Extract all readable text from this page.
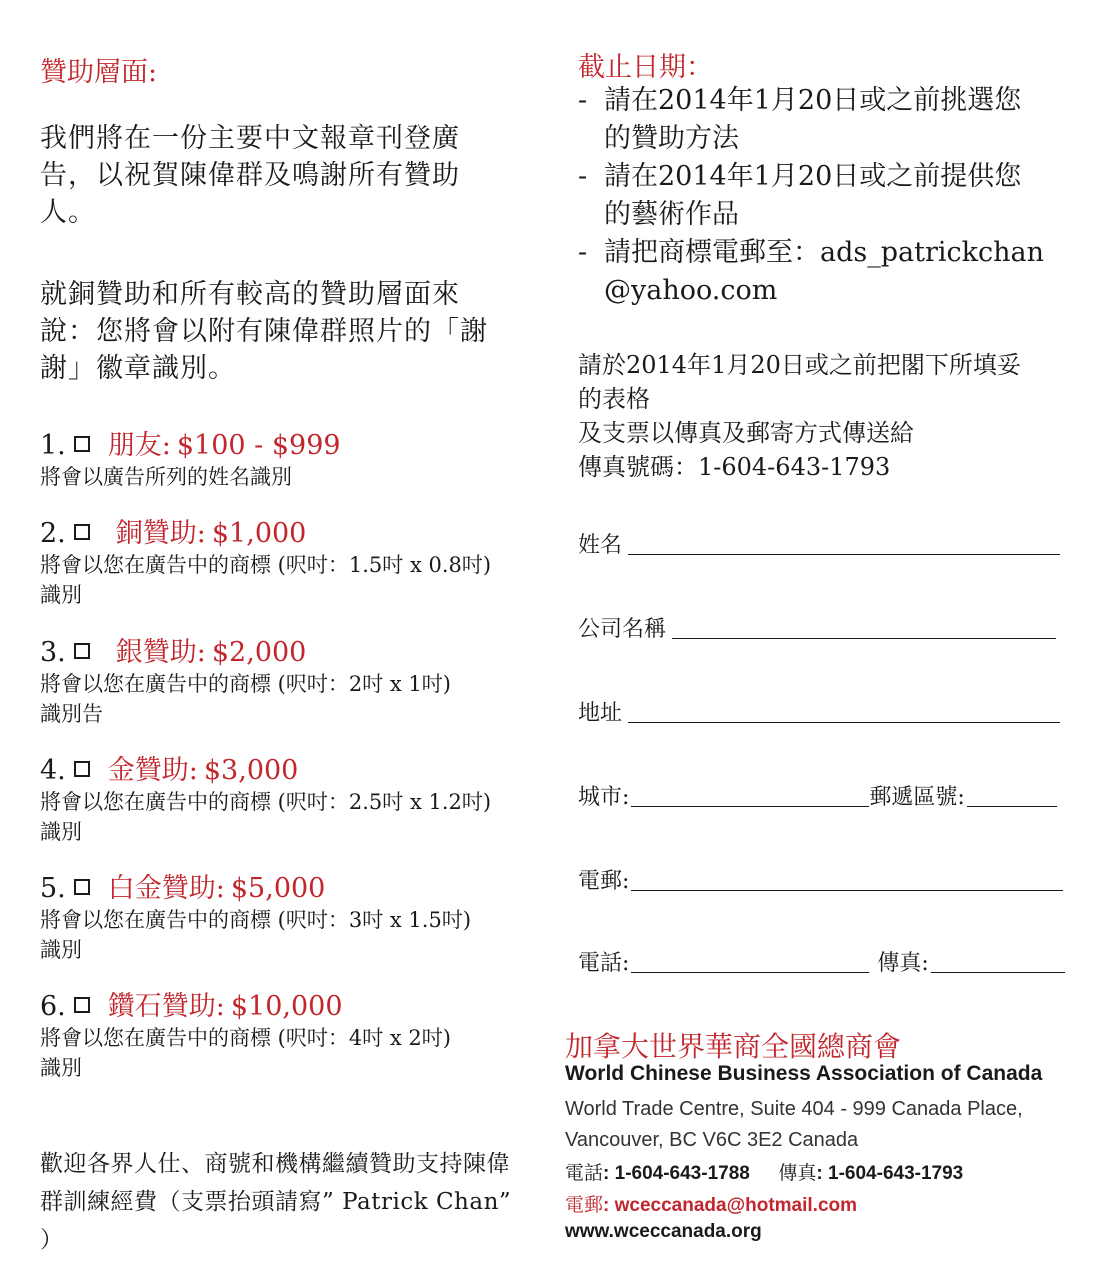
贊助層面:
我們將在一份主要中文報章刊登廣告，以祝賀陳偉群及鳴謝所有贊助人。
就銅贊助和所有較高的贊助層面來說：您將會以附有陳偉群照片的「謝謝」徽章識別。
1. 朋友: $100 - $999
將會以廣告所列的姓名識別
2. 銅贊助: $1,000
將會以您在廣告中的商標 (呎吋：1.5吋 x 0.8吋)
識別
3. 銀贊助: $2,000
將會以您在廣告中的商標 (呎吋：2吋 x 1吋)
識別告
4. 金贊助: $3,000
將會以您在廣告中的商標 (呎吋：2.5吋 x 1.2吋)
識別
5. 白金贊助: $5,000
將會以您在廣告中的商標 (呎吋：3吋 x 1.5吋)
識別
6. 鑽石贊助: $10,000
將會以您在廣告中的商標 (呎吋：4吋 x 2吋)
識別
歡迎各界人仕、商號和機構繼續贊助支持陳偉群訓練經費（支票抬頭請寫” Patrick Chan” ）
截止日期：
- 請在2014年1月20日或之前挑選您的贊助方法
- 請在2014年1月20日或之前提供您的藝術作品
- 請把商標電郵至：ads_patrickchan@yahoo.com
請於2014年1月20日或之前把閣下所填妥的表格
及支票以傳真及郵寄方式傳送給
傳真號碼：1-604-643-1793
姓名
公司名稱
地址
城市:	郵遞區號:
電郵:
電話:	傳真:
加拿大世界華商全國總商會
World Chinese Business Association of Canada
World Trade Centre, Suite 404 - 999 Canada Place, Vancouver, BC V6C 3E2 Canada
電話: 1-604-643-1788 傳真: 1-604-643-1793
電郵: wceccanada@hotmail.com
www.wceccanada.org
